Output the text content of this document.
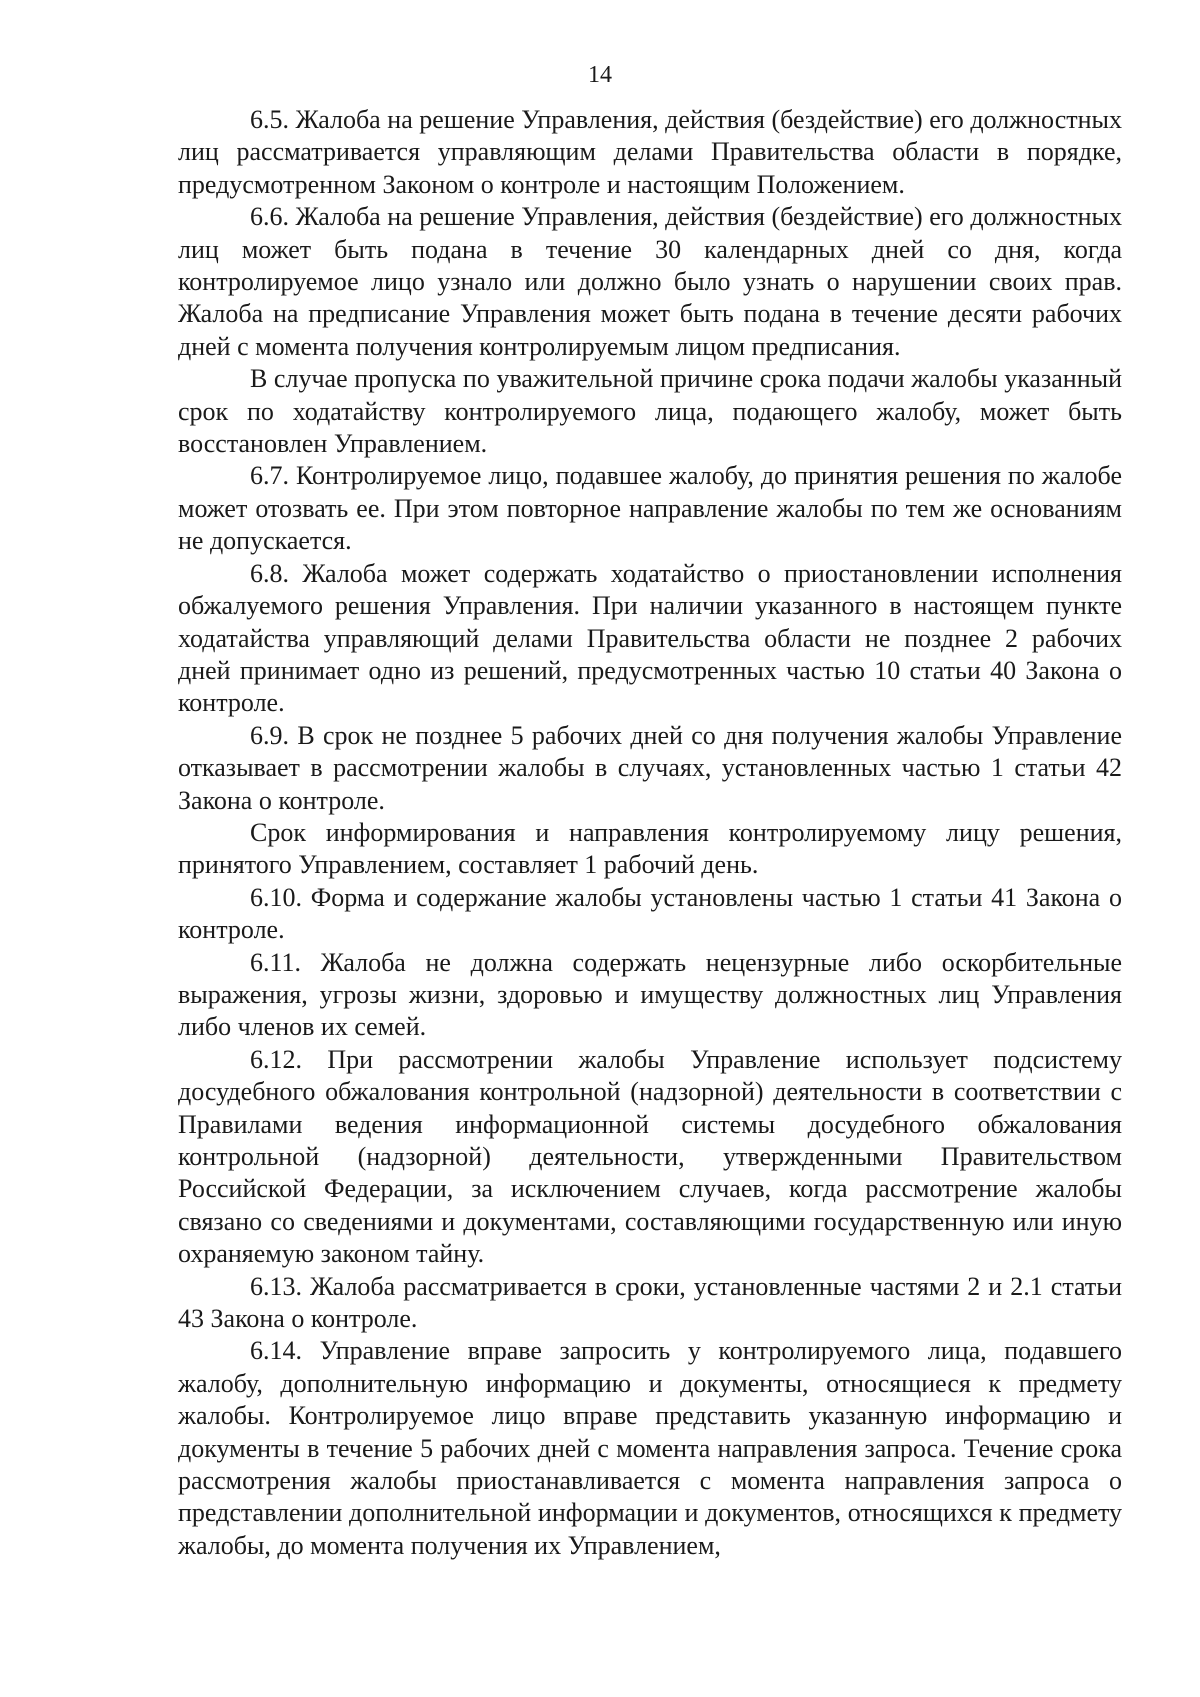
14

6.5. Жалоба на решение Управления, действия (бездействие) его должностных лиц рассматривается управляющим делами Правительства области в порядке, предусмотренном Законом о контроле и настоящим Положением.

6.6. Жалоба на решение Управления, действия (бездействие) его должностных лиц может быть подана в течение 30 календарных дней со дня, когда контролируемое лицо узнало или должно было узнать о нарушении своих прав. Жалоба на предписание Управления может быть подана в течение десяти рабочих дней с момента получения контролируемым лицом предписания.

В случае пропуска по уважительной причине срока подачи жалобы указанный срок по ходатайству контролируемого лица, подающего жалобу, может быть восстановлен Управлением.

6.7. Контролируемое лицо, подавшее жалобу, до принятия решения по жалобе может отозвать ее. При этом повторное направление жалобы по тем же основаниям не допускается.

6.8. Жалоба может содержать ходатайство о приостановлении исполнения обжалуемого решения Управления. При наличии указанного в настоящем пункте ходатайства управляющий делами Правительства области не позднее 2 рабочих дней принимает одно из решений, предусмотренных частью 10 статьи 40 Закона о контроле.

6.9. В срок не позднее 5 рабочих дней со дня получения жалобы Управление отказывает в рассмотрении жалобы в случаях, установленных частью 1 статьи 42 Закона о контроле.

Срок информирования и направления контролируемому лицу решения, принятого Управлением, составляет 1 рабочий день.

6.10. Форма и содержание жалобы установлены частью 1 статьи 41 Закона о контроле.

6.11. Жалоба не должна содержать нецензурные либо оскорбительные выражения, угрозы жизни, здоровью и имуществу должностных лиц Управления либо членов их семей.

6.12. При рассмотрении жалобы Управление использует подсистему досудебного обжалования контрольной (надзорной) деятельности в соответствии с Правилами ведения информационной системы досудебного обжалования контрольной (надзорной) деятельности, утвержденными Правительством Российской Федерации, за исключением случаев, когда рассмотрение жалобы связано со сведениями и документами, составляющими государственную или иную охраняемую законом тайну.

6.13. Жалоба рассматривается в сроки, установленные частями 2 и 2.1 статьи 43 Закона о контроле.

6.14. Управление вправе запросить у контролируемого лица, подавшего жалобу, дополнительную информацию и документы, относящиеся к предмету жалобы. Контролируемое лицо вправе представить указанную информацию и документы в течение 5 рабочих дней с момента направления запроса. Течение срока рассмотрения жалобы приостанавливается с момента направления запроса о представлении дополнительной информации и документов, относящихся к предмету жалобы, до момента получения их Управлением,
